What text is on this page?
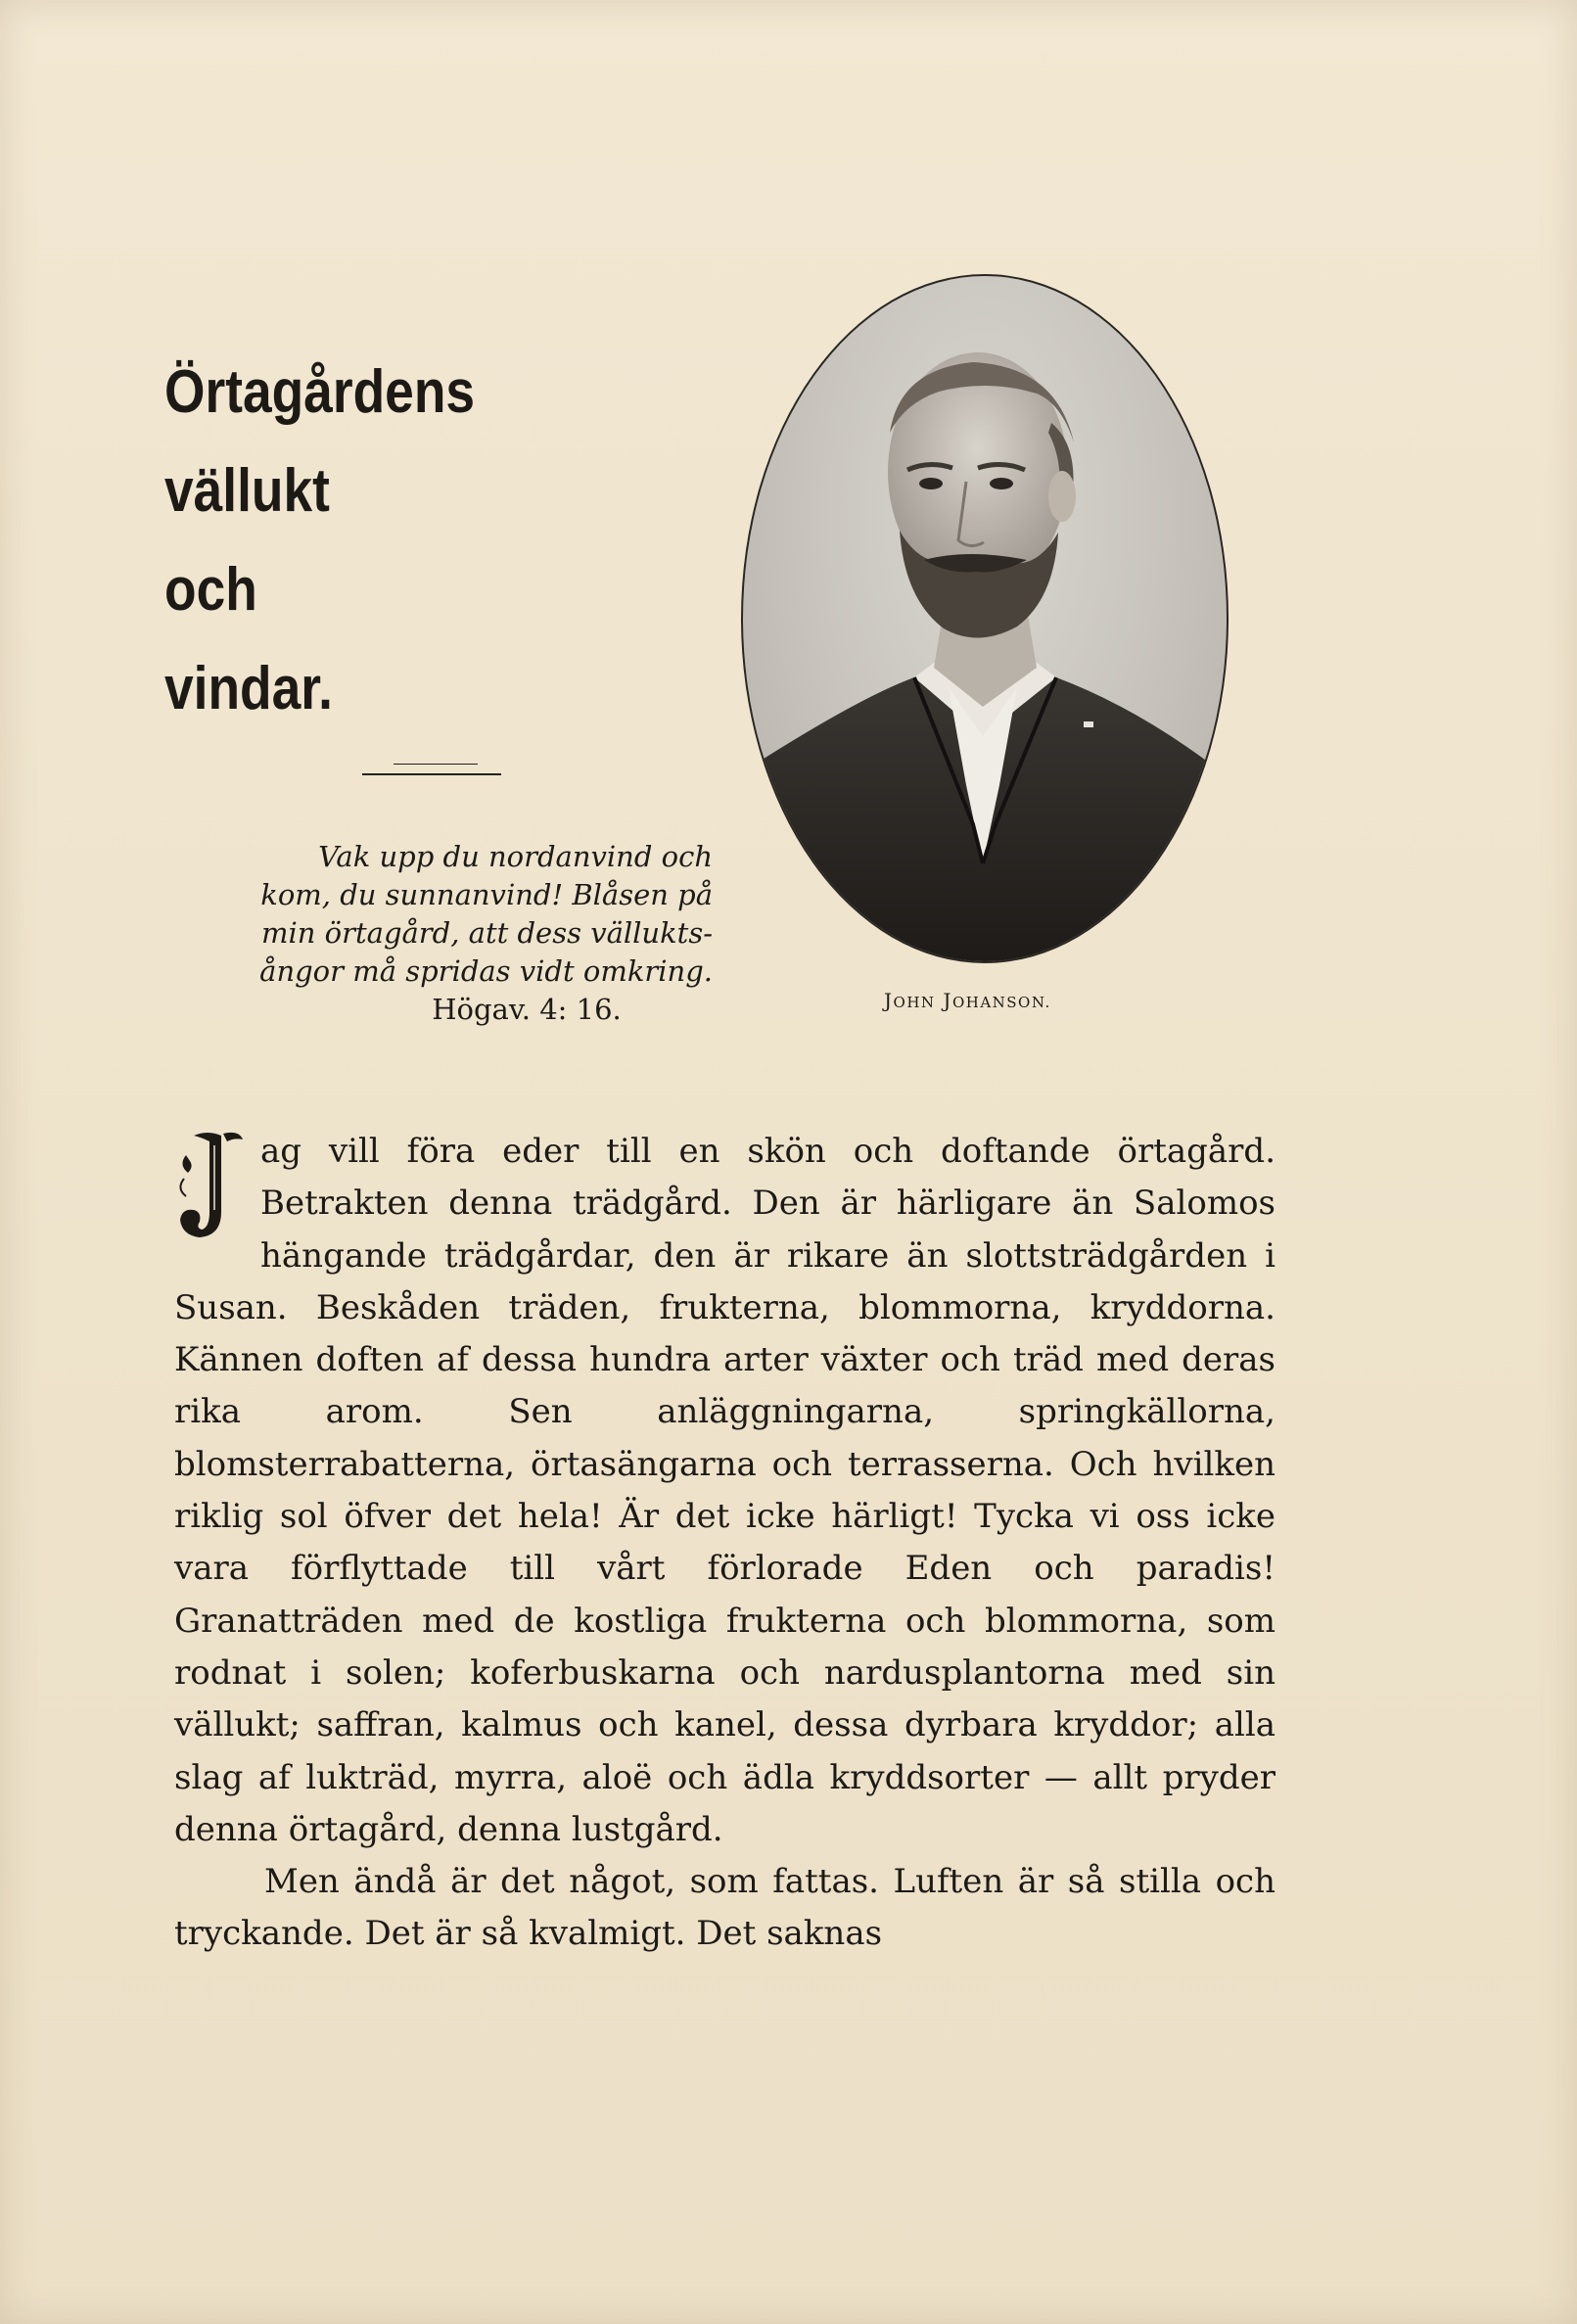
Örtagårdens
vällukt
och
vindar.
Vak upp du nordanvind och
kom, du sunnanvind! Blåsen på
min örtagård, att dess vällukts-
ångor må spridas vidt omkring.
Högav. 4: 16.	JOHN JOHANSON.

ag vill föra eder till en skön och doftande örtagård. Betrakten denna trädgård. Den är härligare än Salomos hängande trädgårdar, den är rikare än slottsträdgården i Susan. Beskåden träden, frukterna, blommorna, kryddorna. Kännen doften af dessa hundra arter växter och träd med deras rika arom. Sen anläggningarna, springkällorna, blomsterrabatterna, örtasängarna och terrasserna. Och hvilken riklig sol öfver det hela! Är det icke härligt! Tycka vi oss icke vara förflyttade till vårt förlorade Eden och paradis! Granatträden med de kostliga frukterna och blommorna, som rodnat i solen; koferbuskarna och nardusplantorna med sin vällukt; saffran, kalmus och kanel, dessa dyrbara kryddor; alla slag af lukträd, myrra, aloë och ädla kryddsorter — allt pryder denna örtagård, denna lustgård.

Men ändå är det något, som fattas. Luften är så stilla och tryckande. Det är så kvalmigt. Det saknas
